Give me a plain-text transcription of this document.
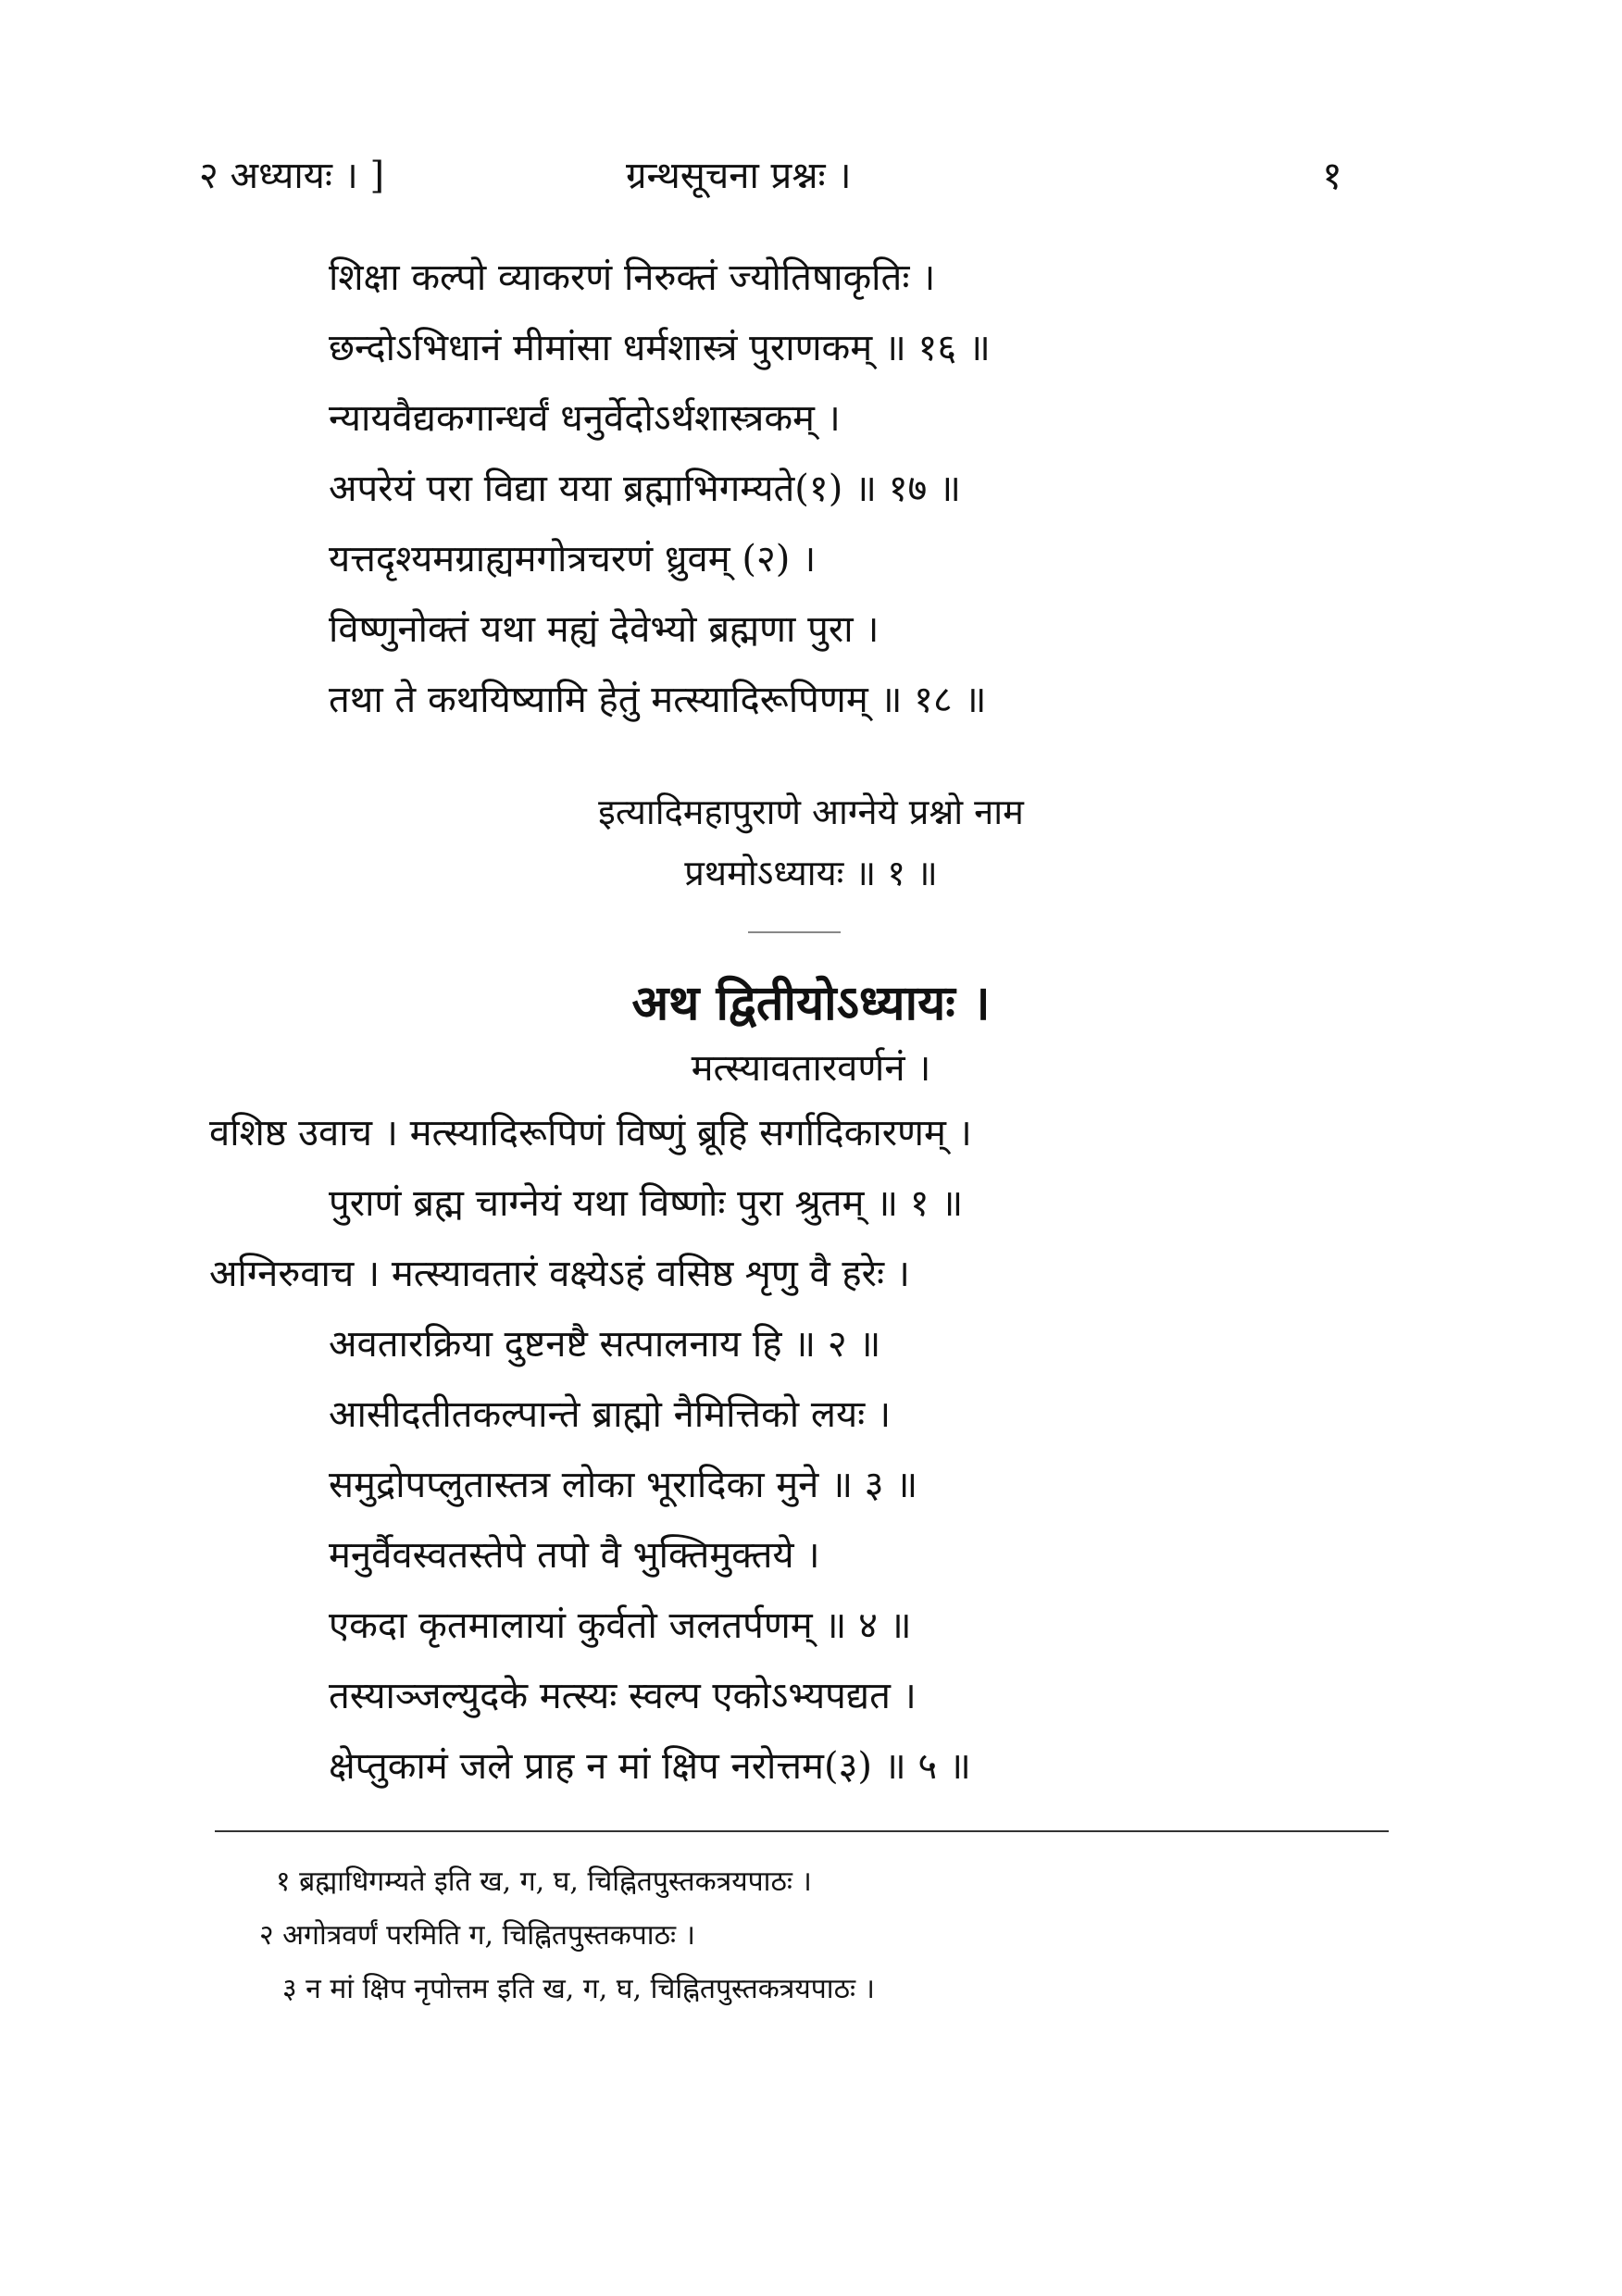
२ अध्यायः । ]	ग्रन्थसूचना प्रश्नः ।	१
शिक्षा कल्पो व्याकरणं निरुक्तं ज्योतिषाकृतिः ।
छन्दोऽभिधानं मीमांसा धर्मशास्त्रं पुराणकम् ॥ १६ ॥
न्यायवैद्यकगान्धर्वं धनुर्वेदोऽर्थशास्त्रकम् ।
अपरेयं परा विद्या यया ब्रह्माभिगम्यते(१) ॥ १७ ॥
यत्तदृश्यमग्राह्यमगोत्रचरणं ध्रुवम् (२) ।
विष्णुनोक्तं यथा मह्यं देवेभ्यो ब्रह्मणा पुरा ।
तथा ते कथयिष्यामि हेतुं मत्स्यादिरूपिणम् ॥ १८ ॥
इत्यादिमहापुराणे आग्नेये प्रश्नो नाम
प्रथमोऽध्यायः ॥ १ ॥
अथ द्वितीयोऽध्यायः ।
मत्स्यावतारवर्णनं ।
वशिष्ठ उवाच । मत्स्यादिरूपिणं विष्णुं ब्रूहि सर्गादिकारणम् ।
पुराणं ब्रह्म चाग्नेयं यथा विष्णोः पुरा श्रुतम् ॥ १ ॥
अग्निरुवाच । मत्स्यावतारं वक्ष्येऽहं वसिष्ठ शृणु वै हरेः ।
अवतारक्रिया दुष्टनष्टै सत्पालनाय हि ॥ २ ॥
आसीदतीतकल्पान्ते ब्राह्मो नैमित्तिको लयः ।
समुद्रोपप्लुतास्तत्र लोका भूरादिका मुने ॥ ३ ॥
मनुर्वैवस्वतस्तेपे तपो वै भुक्तिमुक्तये ।
एकदा कृतमालायां कुर्वतो जलतर्पणम् ॥ ४ ॥
तस्याञ्जल्युदके मत्स्यः स्वल्प एकोऽभ्यपद्यत ।
क्षेप्तुकामं जले प्राह न मां क्षिप नरोत्तम(३) ॥ ५ ॥
१ ब्रह्माधिगम्यते इति ख, ग, घ, चिह्नितपुस्तकत्रयपाठः ।
२ अगोत्रवर्णं परमिति ग, चिह्नितपुस्तकपाठः ।
३ न मां क्षिप नृपोत्तम इति ख, ग, घ, चिह्नितपुस्तकत्रयपाठः ।
